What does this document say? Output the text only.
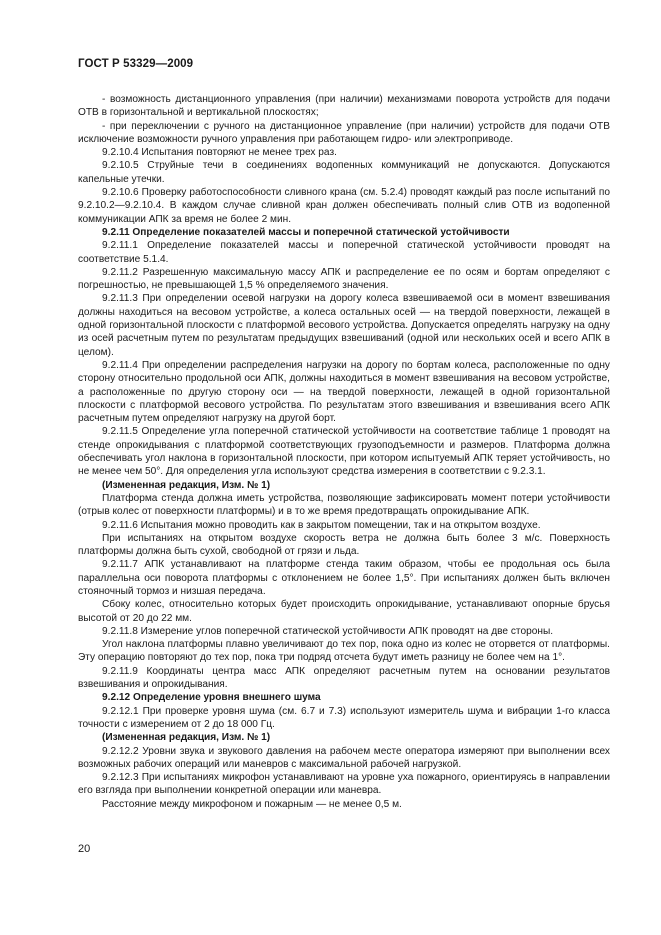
ГОСТ Р 53329—2009

- возможность дистанционного управления (при наличии) механизмами поворота устройств для подачи ОТВ в горизонтальной и вертикальной плоскостях;

- при переключении с ручного на дистанционное управление (при наличии) устройств для подачи ОТВ исключение возможности ручного управления при работающем гидро- или электроприводе.

9.2.10.4 Испытания повторяют не менее трех раз.

9.2.10.5 Струйные течи в соединениях водопенных коммуникаций не допускаются. Допускаются капельные утечки.

9.2.10.6 Проверку работоспособности сливного крана (см. 5.2.4) проводят каждый раз после испытаний по 9.2.10.2—9.2.10.4. В каждом случае сливной кран должен обеспечивать полный слив ОТВ из водопенной коммуникации АПК за время не более 2 мин.

9.2.11 Определение показателей массы и поперечной статической устойчивости

9.2.11.1 Определение показателей массы и поперечной статической устойчивости проводят на соответствие 5.1.4.

9.2.11.2 Разрешенную максимальную массу АПК и распределение ее по осям и бортам определяют с погрешностью, не превышающей 1,5 % определяемого значения.

9.2.11.3 При определении осевой нагрузки на дорогу колеса взвешиваемой оси в момент взвешивания должны находиться на весовом устройстве, а колеса остальных осей — на твердой поверхности, лежащей в одной горизонтальной плоскости с платформой весового устройства. Допускается определять нагрузку на одну из осей расчетным путем по результатам предыдущих взвешиваний (одной или нескольких осей и всего АПК в целом).

9.2.11.4 При определении распределения нагрузки на дорогу по бортам колеса, расположенные по одну сторону относительно продольной оси АПК, должны находиться в момент взвешивания на весовом устройстве, а расположенные по другую сторону оси — на твердой поверхности, лежащей в одной горизонтальной плоскости с платформой весового устройства. По результатам этого взвешивания и взвешивания всего АПК расчетным путем определяют нагрузку на другой борт.

9.2.11.5 Определение угла поперечной статической устойчивости на соответствие таблице 1 проводят на стенде опрокидывания с платформой соответствующих грузоподъемности и размеров. Платформа должна обеспечивать угол наклона в горизонтальной плоскости, при котором испытуемый АПК теряет устойчивость, но не менее чем 50°. Для определения угла используют средства измерения в соответствии с 9.2.3.1.

(Измененная редакция, Изм. № 1)

Платформа стенда должна иметь устройства, позволяющие зафиксировать момент потери устойчивости (отрыв колес от поверхности платформы) и в то же время предотвращать опрокидывание АПК.

9.2.11.6 Испытания можно проводить как в закрытом помещении, так и на открытом воздухе.

При испытаниях на открытом воздухе скорость ветра не должна быть более 3 м/с. Поверхность платформы должна быть сухой, свободной от грязи и льда.

9.2.11.7 АПК устанавливают на платформе стенда таким образом, чтобы ее продольная ось была параллельна оси поворота платформы с отклонением не более 1,5°. При испытаниях должен быть включен стояночный тормоз и низшая передача.

Сбоку колес, относительно которых будет происходить опрокидывание, устанавливают опорные брусья высотой от 20 до 22 мм.

9.2.11.8 Измерение углов поперечной статической устойчивости АПК проводят на две стороны.

Угол наклона платформы плавно увеличивают до тех пор, пока одно из колес не оторвется от платформы. Эту операцию повторяют до тех пор, пока три подряд отсчета будут иметь разницу не более чем на 1°.

9.2.11.9 Координаты центра масс АПК определяют расчетным путем на основании результатов взвешивания и опрокидывания.

9.2.12 Определение уровня внешнего шума

9.2.12.1 При проверке уровня шума (см. 6.7 и 7.3) используют измеритель шума и вибрации 1-го класса точности с измерением от 2 до 18 000 Гц.

(Измененная редакция, Изм. № 1)

9.2.12.2 Уровни звука и звукового давления на рабочем месте оператора измеряют при выполнении всех возможных рабочих операций или маневров с максимальной рабочей нагрузкой.

9.2.12.3 При испытаниях микрофон устанавливают на уровне уха пожарного, ориентируясь в направлении его взгляда при выполнении конкретной операции или маневра.

Расстояние между микрофоном и пожарным — не менее 0,5 м.

20
